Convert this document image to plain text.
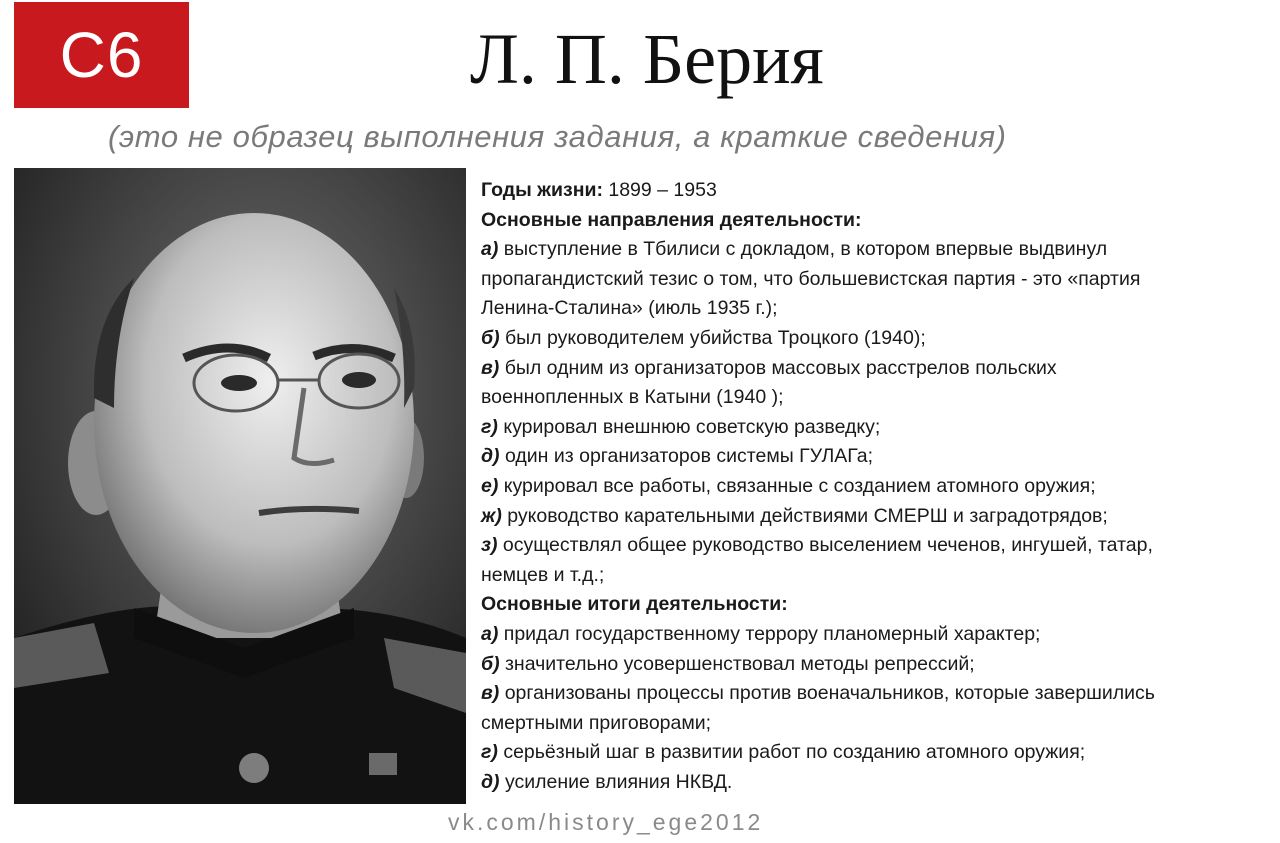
С6	Л. П. Берия
(это не образец выполнения задания, а краткие сведения)
Годы жизни: 1899 – 1953
Основные направления деятельности:
а) выступление в Тбилиси с докладом, в котором впервые выдвинул
пропагандистский тезис о том, что большевистская партия - это «партия
Ленина-Сталина» (июль 1935 г.);
б) был руководителем убийства Троцкого (1940);
в) был одним из организаторов массовых расстрелов польских
военнопленных в Катыни (1940 );
г) курировал внешнюю советскую разведку;
д) один из организаторов системы ГУЛАГа;
е) курировал все работы, связанные с созданием атомного оружия;
ж) руководство карательными действиями СМЕРШ и заградотрядов;
з) осуществлял общее руководство выселением чеченов, ингушей, татар,
немцев и т.д.;
Основные итоги деятельности:
а) придал государственному террору планомерный характер;
б) значительно усовершенствовал методы репрессий;
в) организованы процессы против военачальников, которые завершились
смертными приговорами;
г) серьёзный шаг в развитии работ по созданию атомного оружия;
д) усиление влияния НКВД.
vk.com/history_ege2012
